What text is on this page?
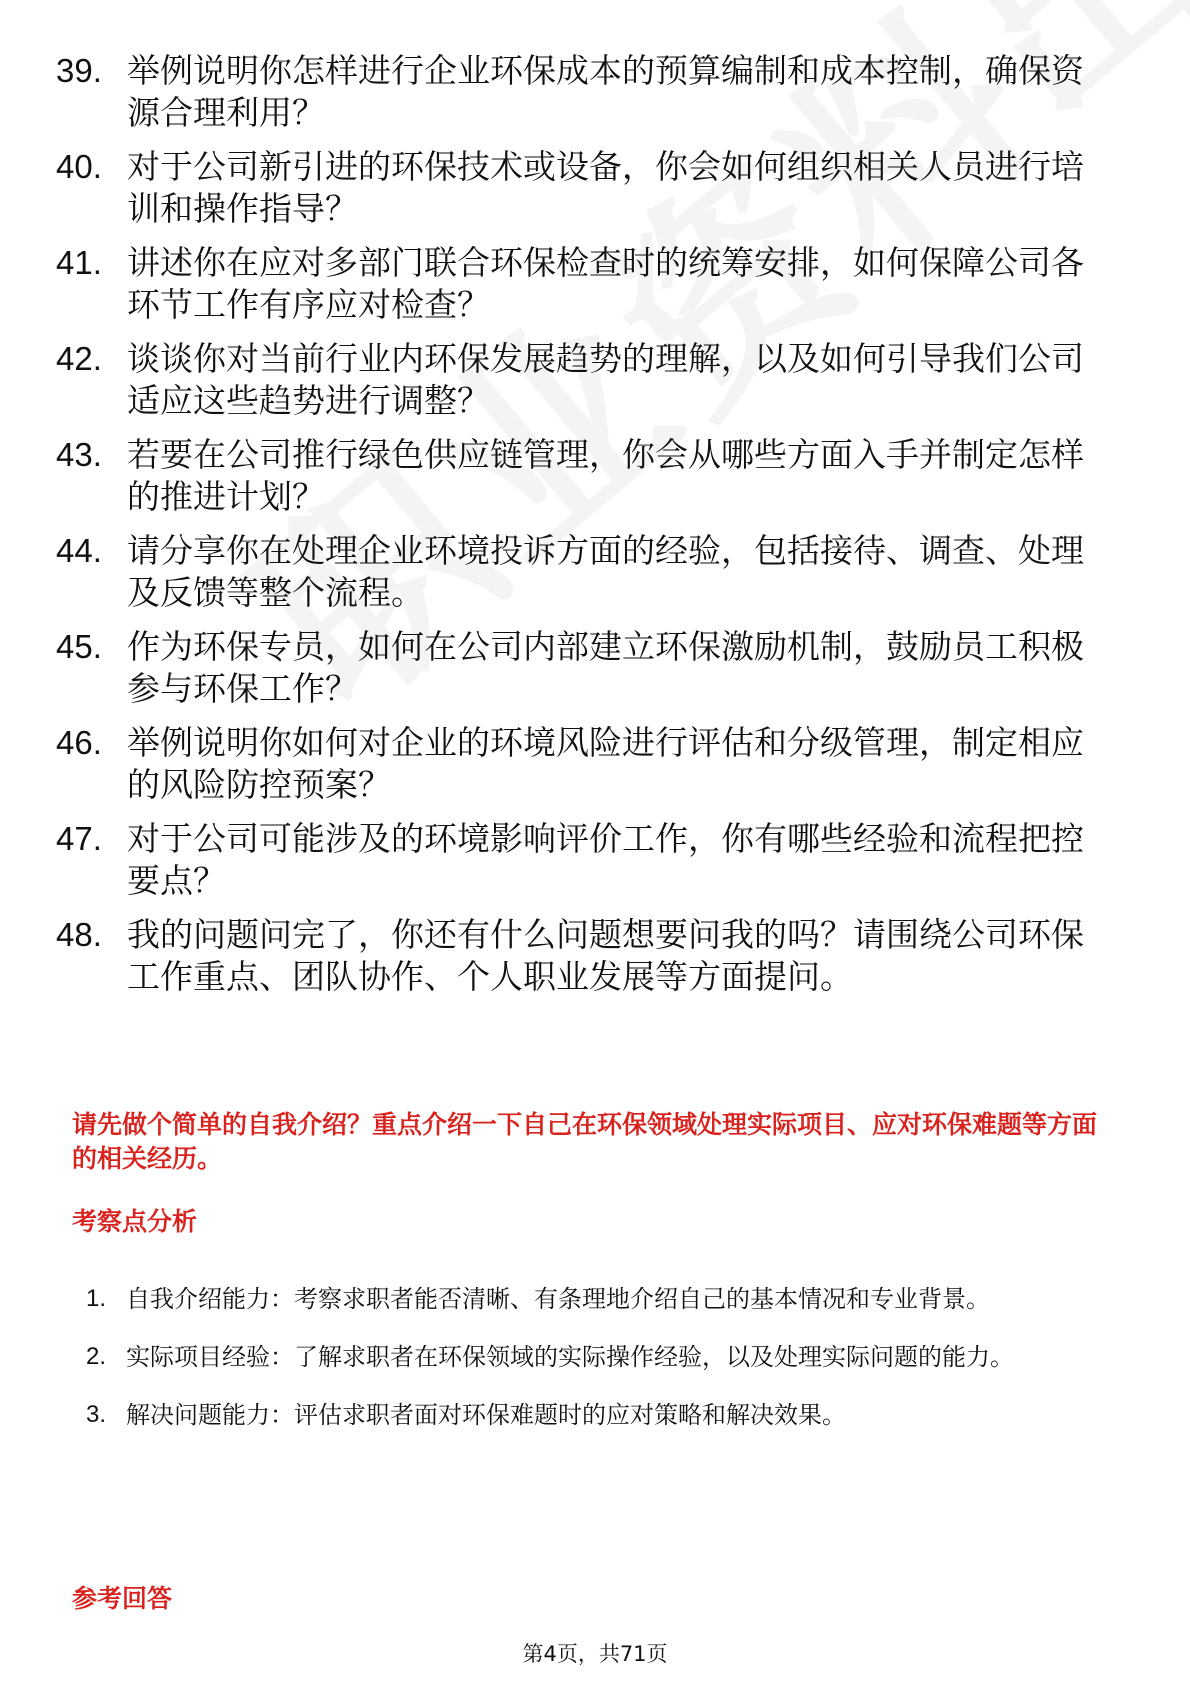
39. 举例说明你怎样进行企业环保成本的预算编制和成本控制，确保资源合理利用？
40. 对于公司新引进的环保技术或设备，你会如何组织相关人员进行培训和操作指导？
41. 讲述你在应对多部门联合环保检查时的统筹安排，如何保障公司各环节工作有序应对检查？
42. 谈谈你对当前行业内环保发展趋势的理解，以及如何引导我们公司适应这些趋势进行调整？
43. 若要在公司推行绿色供应链管理，你会从哪些方面入手并制定怎样的推进计划？
44. 请分享你在处理企业环境投诉方面的经验，包括接待、调查、处理及反馈等整个流程。
45. 作为环保专员，如何在公司内部建立环保激励机制，鼓励员工积极参与环保工作？
46. 举例说明你如何对企业的环境风险进行评估和分级管理，制定相应的风险防控预案？
47. 对于公司可能涉及的环境影响评价工作，你有哪些经验和流程把控要点？
48. 我的问题问完了，你还有什么问题想要问我的吗？请围绕公司环保工作重点、团队协作、个人职业发展等方面提问。
请先做个简单的自我介绍？重点介绍一下自己在环保领域处理实际项目、应对环保难题等方面的相关经历。
考察点分析
1. 自我介绍能力：考察求职者能否清晰、有条理地介绍自己的基本情况和专业背景。
2. 实际项目经验：了解求职者在环保领域的实际操作经验，以及处理实际问题的能力。
3. 解决问题能力：评估求职者面对环保难题时的应对策略和解决效果。
参考回答
第4页，共71页
